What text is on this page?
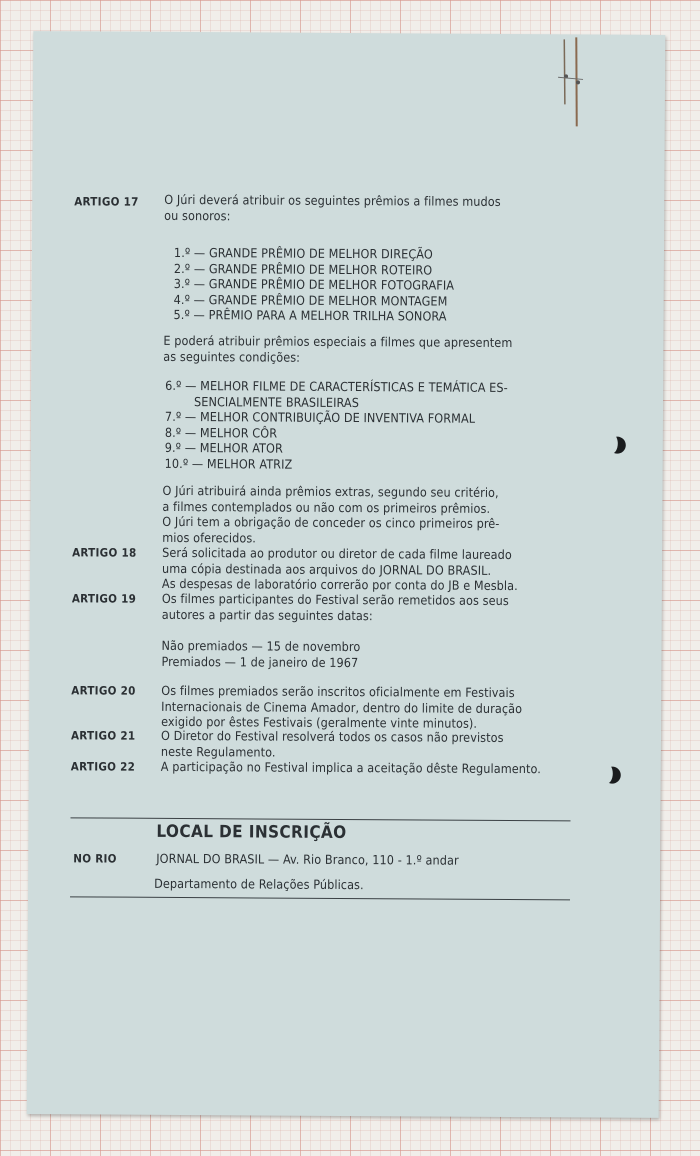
ARTIGO 17 O Júri deverá atribuir os seguintes prêmios a filmes mudos
ou sonoros:
1.º — GRANDE PRÊMIO DE MELHOR DIREÇÃO
2.º — GRANDE PRÊMIO DE MELHOR ROTEIRO
3.º — GRANDE PRÊMIO DE MELHOR FOTOGRAFIA
4.º — GRANDE PRÊMIO DE MELHOR MONTAGEM
5.º — PRÊMIO PARA A MELHOR TRILHA SONORA
E poderá atribuir prêmios especiais a filmes que apresentem
as seguintes condições:
6.º — MELHOR FILME DE CARACTERÍSTICAS E TEMÁTICA ES-
SENCIALMENTE BRASILEIRAS
7.º — MELHOR CONTRIBUIÇÃO DE INVENTIVA FORMAL
8.º — MELHOR CÔR
9.º — MELHOR ATOR
10.º — MELHOR ATRIZ
O Júri atribuirá ainda prêmios extras, segundo seu critério,
a filmes contemplados ou não com os primeiros prêmios.
O Júri tem a obrigação de conceder os cinco primeiros prê-
mios oferecidos.
ARTIGO 18 Será solicitada ao produtor ou diretor de cada filme laureado
uma cópia destinada aos arquivos do JORNAL DO BRASIL.
As despesas de laboratório correrão por conta do JB e Mesbla.
ARTIGO 19 Os filmes participantes do Festival serão remetidos aos seus
autores a partir das seguintes datas:
Não premiados — 15 de novembro
Premiados — 1 de janeiro de 1967
ARTIGO 20 Os filmes premiados serão inscritos oficialmente em Festivais
Internacionais de Cinema Amador, dentro do limite de duração
exigido por êstes Festivais (geralmente vinte minutos).
ARTIGO 21 O Diretor do Festival resolverá todos os casos não previstos
neste Regulamento.
ARTIGO 22 A participação no Festival implica a aceitação dêste Regulamento.
LOCAL DE INSCRIÇÃO
NO RIO	JORNAL DO BRASIL — Av. Rio Branco, 110 - 1.º andar
Departamento de Relações Públicas.
